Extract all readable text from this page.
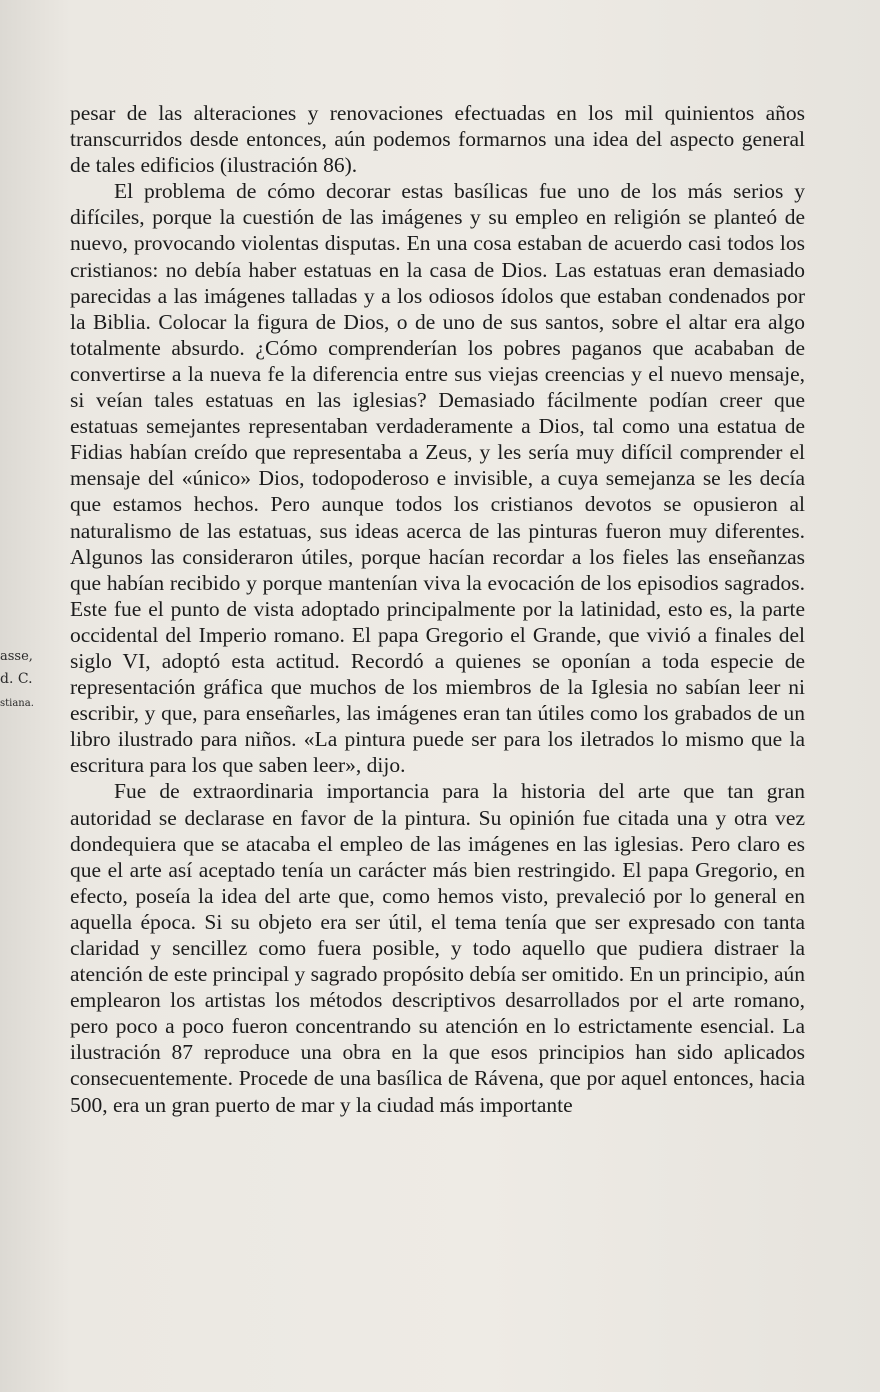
asse,
d. C.
stiana.

pesar de las alteraciones y renovaciones efectuadas en los mil quinientos años transcurridos desde entonces, aún podemos formarnos una idea del aspecto general de tales edificios (ilustración 86).

El problema de cómo decorar estas basílicas fue uno de los más serios y difíciles, porque la cuestión de las imágenes y su empleo en religión se planteó de nuevo, provocando violentas disputas. En una cosa estaban de acuerdo casi todos los cristianos: no debía haber estatuas en la casa de Dios. Las estatuas eran demasiado parecidas a las imágenes talladas y a los odiosos ídolos que estaban condenados por la Biblia. Colocar la figura de Dios, o de uno de sus santos, sobre el altar era algo totalmente absurdo. ¿Cómo comprenderían los pobres paganos que acababan de convertirse a la nueva fe la diferencia entre sus viejas creencias y el nuevo mensaje, si veían tales estatuas en las iglesias? Demasiado fácilmente podían creer que estatuas semejantes representaban verdaderamente a Dios, tal como una estatua de Fidias habían creído que representaba a Zeus, y les sería muy difícil comprender el mensaje del «único» Dios, todopoderoso e invisible, a cuya semejanza se les decía que estamos hechos. Pero aunque todos los cristianos devotos se opusieron al naturalismo de las estatuas, sus ideas acerca de las pinturas fueron muy diferentes. Algunos las consideraron útiles, porque hacían recordar a los fieles las enseñanzas que habían recibido y porque mantenían viva la evocación de los episodios sagrados. Este fue el punto de vista adoptado principalmente por la latinidad, esto es, la parte occidental del Imperio romano. El papa Gregorio el Grande, que vivió a finales del siglo VI, adoptó esta actitud. Recordó a quienes se oponían a toda especie de representación gráfica que muchos de los miembros de la Iglesia no sabían leer ni escribir, y que, para enseñarles, las imágenes eran tan útiles como los grabados de un libro ilustrado para niños. «La pintura puede ser para los iletrados lo mismo que la escritura para los que saben leer», dijo.

Fue de extraordinaria importancia para la historia del arte que tan gran autoridad se declarase en favor de la pintura. Su opinión fue citada una y otra vez dondequiera que se atacaba el empleo de las imágenes en las iglesias. Pero claro es que el arte así aceptado tenía un carácter más bien restringido. El papa Gregorio, en efecto, poseía la idea del arte que, como hemos visto, prevaleció por lo general en aquella época. Si su objeto era ser útil, el tema tenía que ser expresado con tanta claridad y sencillez como fuera posible, y todo aquello que pudiera distraer la atención de este principal y sagrado propósito debía ser omitido. En un principio, aún emplearon los artistas los métodos descriptivos desarrollados por el arte romano, pero poco a poco fueron concentrando su atención en lo estrictamente esencial. La ilustración 87 reproduce una obra en la que esos principios han sido aplicados consecuentemente. Procede de una basílica de Rávena, que por aquel entonces, hacia 500, era un gran puerto de mar y la ciudad más importante
